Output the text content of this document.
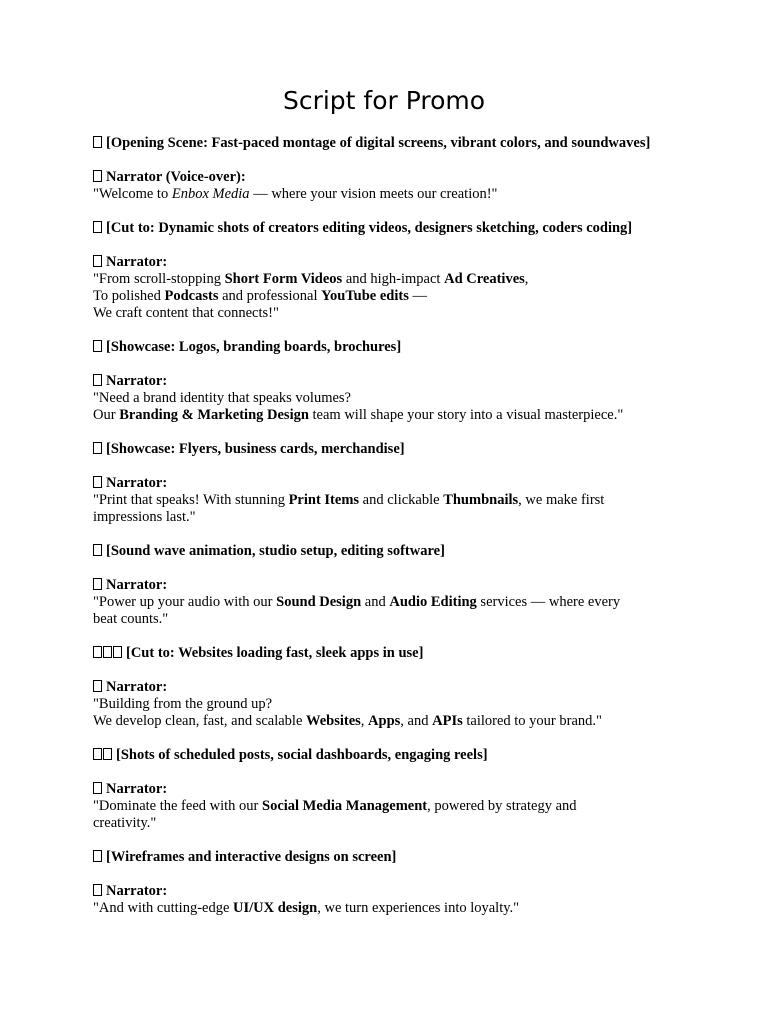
Script for Promo
[Opening Scene: Fast-paced montage of digital screens, vibrant colors, and soundwaves]
Narrator (Voice-over):
"Welcome to Enbox Media — where your vision meets our creation!"
[Cut to: Dynamic shots of creators editing videos, designers sketching, coders coding]
Narrator:
"From scroll-stopping Short Form Videos and high-impact Ad Creatives,
To polished Podcasts and professional YouTube edits —
We craft content that connects!"
[Showcase: Logos, branding boards, brochures]
Narrator:
"Need a brand identity that speaks volumes?
Our Branding & Marketing Design team will shape your story into a visual masterpiece."
[Showcase: Flyers, business cards, merchandise]
Narrator:
"Print that speaks! With stunning Print Items and clickable Thumbnails, we make first
impressions last."
[Sound wave animation, studio setup, editing software]
Narrator:
"Power up your audio with our Sound Design and Audio Editing services — where every
beat counts."
[Cut to: Websites loading fast, sleek apps in use]
Narrator:
"Building from the ground up?
We develop clean, fast, and scalable Websites, Apps, and APIs tailored to your brand."
[Shots of scheduled posts, social dashboards, engaging reels]
Narrator:
"Dominate the feed with our Social Media Management, powered by strategy and
creativity."
[Wireframes and interactive designs on screen]
Narrator:
"And with cutting-edge UI/UX design, we turn experiences into loyalty."
